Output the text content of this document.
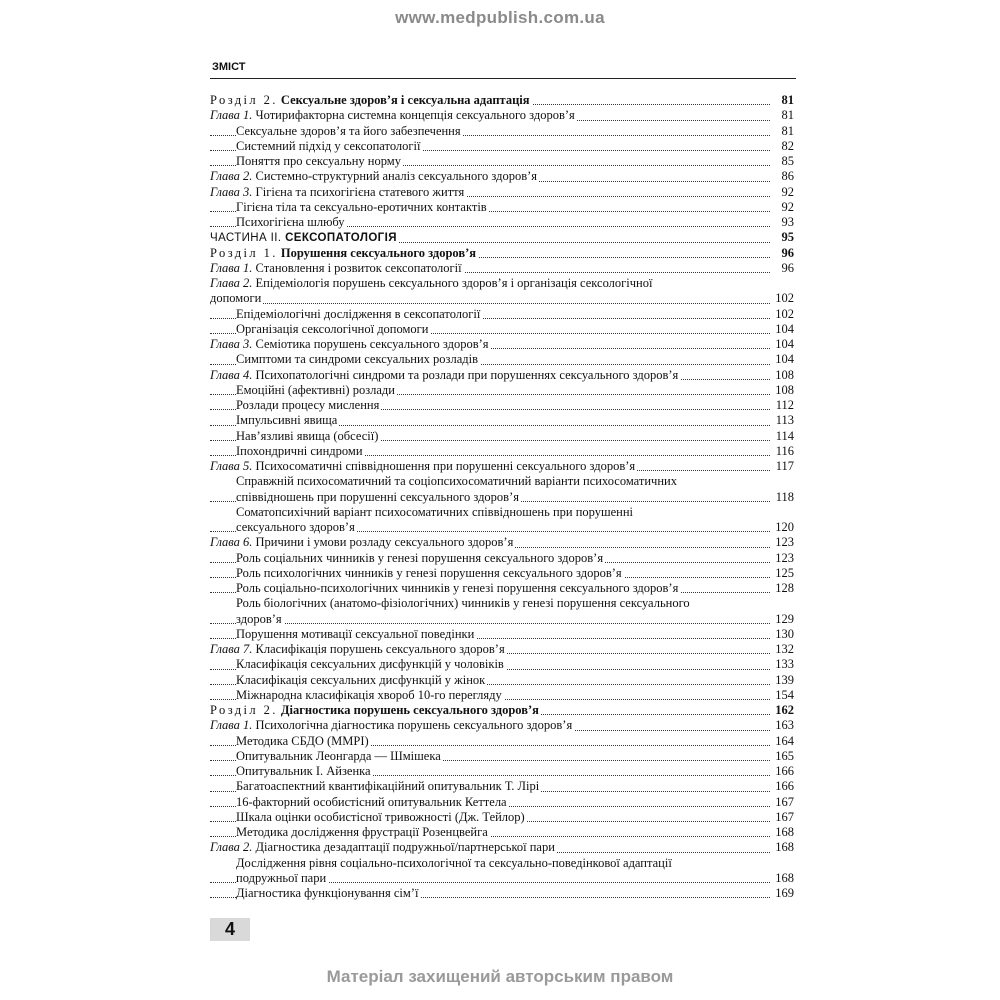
www.medpublish.com.ua
ЗМІСТ
Розділ 2. Сексуальне здоров’я і сексуальна адаптація	81
Глава 1. Чотирифакторна системна концепція сексуального здоров’я	81
Сексуальне здоров’я та його забезпечення	81
Системний підхід у сексопатології	82
Поняття про сексуальну норму	85
Глава 2. Системно-структурний аналіз сексуального здоров’я	86
Глава 3. Гігієна та психогігієна статевого життя	92
Гігієна тіла та сексуально-еротичних контактів	92
Психогігієна шлюбу	93
ЧАСТИНА II. СЕКСОПАТОЛОГІЯ	95
Розділ 1. Порушення сексуального здоров’я	96
Глава 1. Становлення і розвиток сексопатології	96
Глава 2. Епідеміологія порушень сексуального здоров’я і організація сексологічної
допомоги	102
Епідеміологічні дослідження в сексопатології	102
Організація сексологічної допомоги	104
Глава 3. Семіотика порушень сексуального здоров’я	104
Симптоми та синдроми сексуальних розладів	104
Глава 4. Психопатологічні синдроми та розлади при порушеннях сексуального здоров’я	108
Емоційні (афективні) розлади	108
Розлади процесу мислення	112
Імпульсивні явища	113
Нав’язливі явища (обсесії)	114
Іпохондричні синдроми	116
Глава 5. Психосоматичні співвідношення при порушенні сексуального здоров’я	117
Справжній психосоматичний та соціопсихосоматичний варіанти психосоматичних
співвідношень при порушенні сексуального здоров’я	118
Соматопсихічний варіант психосоматичних співвідношень при порушенні
сексуального здоров’я	120
Глава 6. Причини і умови розладу сексуального здоров’я	123
Роль соціальних чинників у генезі порушення сексуального здоров’я	123
Роль психологічних чинників у генезі порушення сексуального здоров’я	125
Роль соціально-психологічних чинників у генезі порушення сексуального здоров’я	128
Роль біологічних (анатомо-фізіологічних) чинників у генезі порушення сексуального
здоров’я	129
Порушення мотивації сексуальної поведінки	130
Глава 7. Класифікація порушень сексуального здоров’я	132
Класифікація сексуальних дисфункцій у чоловіків	133
Класифікація сексуальних дисфункцій у жінок	139
Міжнародна класифікація хвороб 10-го перегляду	154
Розділ 2. Діагностика порушень сексуального здоров’я	162
Глава 1. Психологічна діагностика порушень сексуального здоров’я	163
Методика СБДО (MMPI)	164
Опитувальник Леонгарда — Шмішека	165
Опитувальник І. Айзенка	166
Багатоаспектний квантифікаційний опитувальник Т. Лірі	166
16-факторний особистісний опитувальник Кеттела	167
Шкала оцінки особистісної тривожності (Дж. Тейлор)	167
Методика дослідження фрустрації Розенцвейга	168
Глава 2. Діагностика дезадаптації подружньої/партнерської пари	168
Дослідження рівня соціально-психологічної та сексуально-поведінкової адаптації
подружньої пари	168
Діагностика функціонування сім’ї	169
4
Матеріал захищений авторським правом
